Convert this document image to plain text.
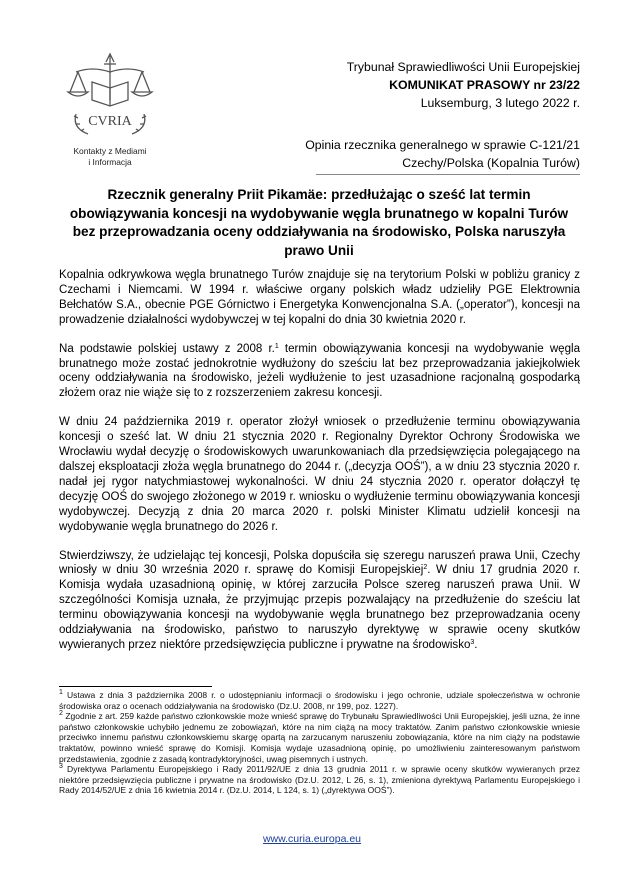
CVRIA
Kontakty z Mediami
i Informacja
Trybunał Sprawiedliwości Unii Europejskiej
KOMUNIKAT PRASOWY nr 23/22
Luksemburg, 3 lutego 2022 r.
Opinia rzecznika generalnego w sprawie C-121/21
Czechy/Polska (Kopalnia Turów)
Rzecznik generalny Priit Pikamäe: przedłużając o sześć lat termin obowiązywania koncesji na wydobywanie węgla brunatnego w kopalni Turów bez przeprowadzania oceny oddziaływania na środowisko, Polska naruszyła prawo Unii

Kopalnia odkrywkowa węgla brunatnego Turów znajduje się na terytorium Polski w pobliżu granicy z Czechami i Niemcami. W 1994 r. właściwe organy polskich władz udzieliły PGE Elektrownia Bełchatów S.A., obecnie PGE Górnictwo i Energetyka Konwencjonalna S.A. („operator”), koncesji na prowadzenie działalności wydobywczej w tej kopalni do dnia 30 kwietnia 2020 r.

Na podstawie polskiej ustawy z 2008 r.$^1$ termin obowiązywania koncesji na wydobywanie węgla brunatnego może zostać jednokrotnie wydłużony do sześciu lat bez przeprowadzania jakiejkolwiek oceny oddziaływania na środowisko, jeżeli wydłużenie to jest uzasadnione racjonalną gospodarką złożem oraz nie wiąże się to z rozszerzeniem zakresu koncesji.

W dniu 24 października 2019 r. operator złożył wniosek o przedłużenie terminu obowiązywania koncesji o sześć lat. W dniu 21 stycznia 2020 r. Regionalny Dyrektor Ochrony Środowiska we Wrocławiu wydał decyzję o środowiskowych uwarunkowaniach dla przedsięwzięcia polegającego na dalszej eksploatacji złoża węgla brunatnego do 2044 r. („decyzja OOŚ”), a w dniu 23 stycznia 2020 r. nadał jej rygor natychmiastowej wykonalności. W dniu 24 stycznia 2020 r. operator dołączył tę decyzję OOŚ do swojego złożonego w 2019 r. wniosku o wydłużenie terminu obowiązywania koncesji wydobywczej. Decyzją z dnia 20 marca 2020 r. polski Minister Klimatu udzielił koncesji na wydobywanie węgla brunatnego do 2026 r.

Stwierdziwszy, że udzielając tej koncesji, Polska dopuściła się szeregu naruszeń prawa Unii, Czechy wniosły w dniu 30 września 2020 r. sprawę do Komisji Europejskiej$^2$. W dniu 17 grudnia 2020 r. Komisja wydała uzasadnioną opinię, w której zarzuciła Polsce szereg naruszeń prawa Unii. W szczególności Komisja uznała, że przyjmując przepis pozwalający na przedłużenie do sześciu lat terminu obowiązywania koncesji na wydobywanie węgla brunatnego bez przeprowadzania oceny oddziaływania na środowisko, państwo to naruszyło dyrektywę w sprawie oceny skutków wywieranych przez niektóre przedsięwzięcia publiczne i prywatne na środowisko$^3$.

$^1$ Ustawa z dnia 3 października 2008 r. o udostępnianiu informacji o środowisku i jego ochronie, udziale społeczeństwa w ochronie środowiska oraz o ocenach oddziaływania na środowisko (Dz.U. 2008, nr 199, poz. 1227).

$^2$ Zgodnie z art. 259 każde państwo członkowskie może wnieść sprawę do Trybunału Sprawiedliwości Unii Europejskiej, jeśli uzna, że inne państwo członkowskie uchybiło jednemu ze zobowiązań, które na nim ciążą na mocy traktatów. Zanim państwo członkowskie wniesie przeciwko innemu państwu członkowskiemu skargę opartą na zarzucanym naruszeniu zobowiązania, które na nim ciąży na podstawie traktatów, powinno wnieść sprawę do Komisji. Komisja wydaje uzasadnioną opinię, po umożliwieniu zainteresowanym państwom przedstawienia, zgodnie z zasadą kontradyktoryjności, uwag pisemnych i ustnych.

$^3$ Dyrektywa Parlamentu Europejskiego i Rady 2011/92/UE z dnia 13 grudnia 2011 r. w sprawie oceny skutków wywieranych przez niektóre przedsięwzięcia publiczne i prywatne na środowisko (Dz.U. 2012, L 26, s. 1), zmieniona dyrektywą Parlamentu Europejskiego i Rady 2014/52/UE z dnia 16 kwietnia 2014 r. (Dz.U. 2014, L 124, s. 1) („dyrektywa OOŚ”).

www.curia.europa.eu
